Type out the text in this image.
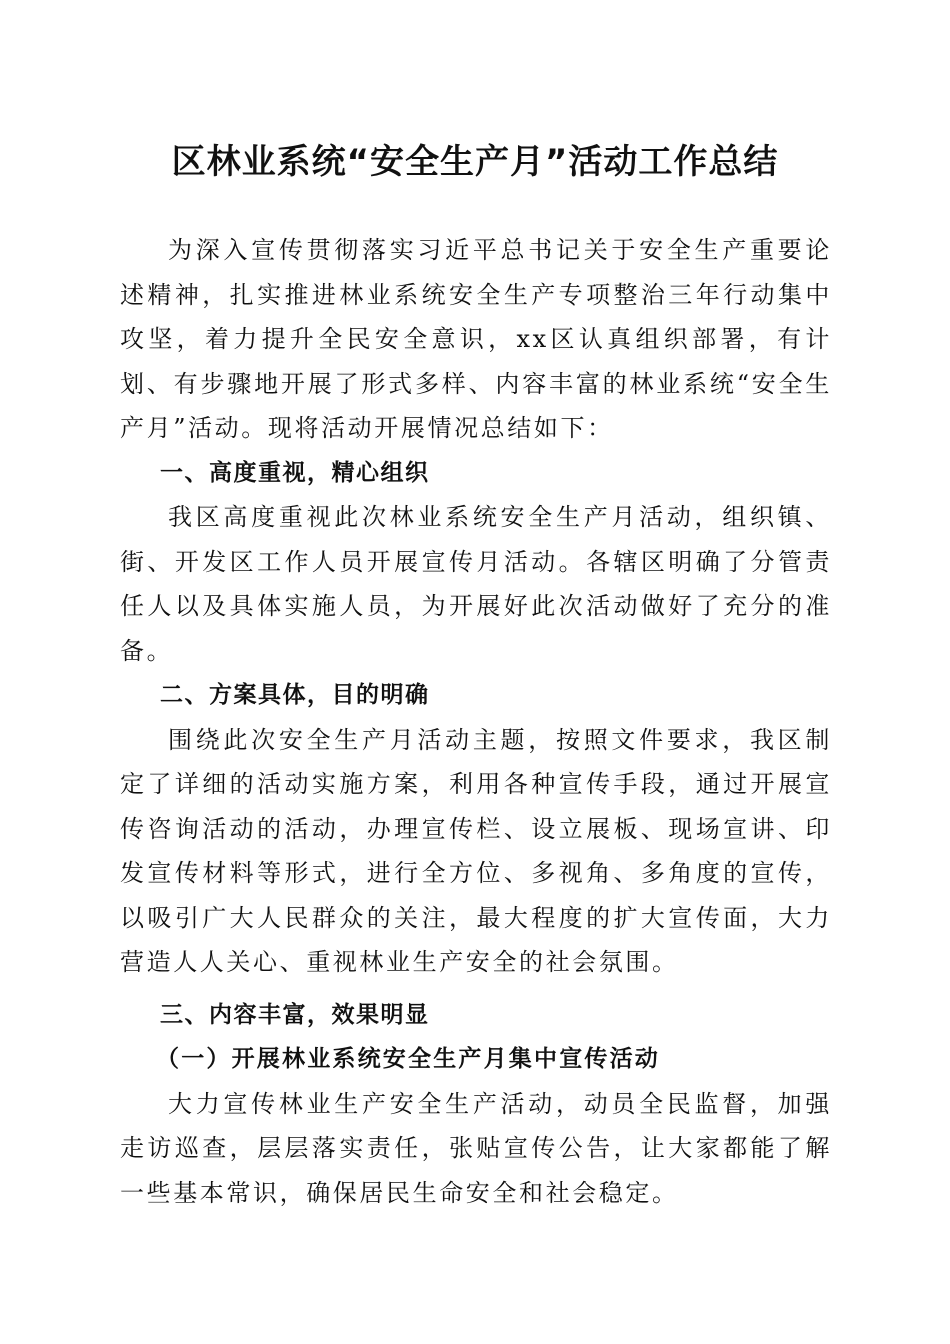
区林业系统“安全生产月”活动工作总结

为深入宣传贯彻落实习近平总书记关于安全生产重要论述精神，扎实推进林业系统安全生产专项整治三年行动集中攻坚，着力提升全民安全意识，xx区认真组织部署，有计划、有步骤地开展了形式多样、内容丰富的林业系统“安全生产月”活动。现将活动开展情况总结如下：

一、高度重视，精心组织

我区高度重视此次林业系统安全生产月活动，组织镇、街、开发区工作人员开展宣传月活动。各辖区明确了分管责任人以及具体实施人员，为开展好此次活动做好了充分的准备。

二、方案具体，目的明确

围绕此次安全生产月活动主题，按照文件要求，我区制定了详细的活动实施方案，利用各种宣传手段，通过开展宣传咨询活动的活动，办理宣传栏、设立展板、现场宣讲、印发宣传材料等形式，进行全方位、多视角、多角度的宣传，以吸引广大人民群众的关注，最大程度的扩大宣传面，大力营造人人关心、重视林业生产安全的社会氛围。

三、内容丰富，效果明显

（一）开展林业系统安全生产月集中宣传活动

大力宣传林业生产安全生产活动，动员全民监督，加强走访巡查，层层落实责任，张贴宣传公告，让大家都能了解一些基本常识，确保居民生命安全和社会稳定。
